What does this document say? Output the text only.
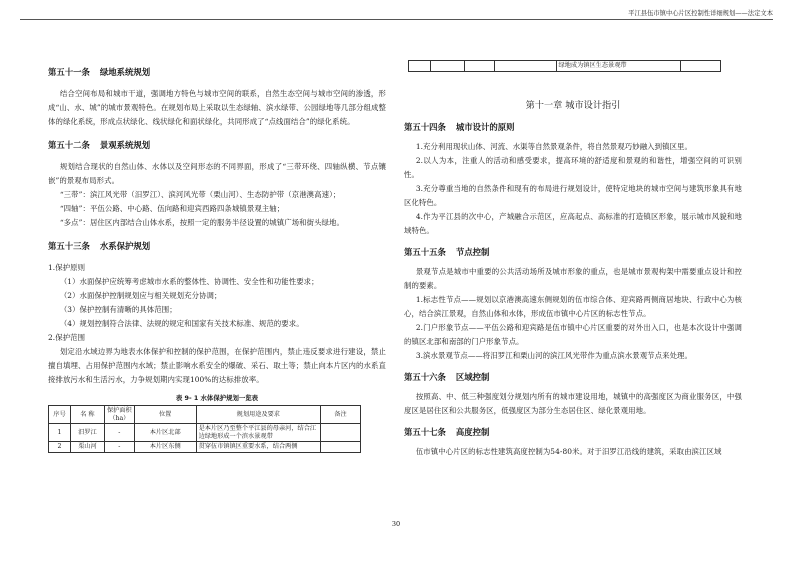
平江县伍市镇中心片区控制性详细规划——法定文本

第五十一条 绿地系统规划

结合空间布局和城市干道，强调地方特色与城市空间的联系，自然生态空间与城市空间的渗透，形成“山、水、城”的城市景观特色。在规划布局上采取以生态绿轴、滨水绿带、公园绿地等几部分组成整体的绿化系统，形成点状绿化、线状绿化和面状绿化，共同形成了“点线面结合”的绿化系统。

第五十二条 景观系统规划

规划结合现状的自然山体、水体以及空间形态的不同界面，形成了“三带环绕、四轴纵横、节点镶嵌”的景观布局形式。

“三带”：滨江风光带（汨罗江）、滨河风光带（栗山河）、生态防护带（京港澳高速）；

“四轴”：平伍公路、中心路、伍向路和迎宾西路四条城镇景观主轴；

“多点”：居住区内部结合山体水系，按照一定的服务半径设置的城镇广场和街头绿地。

第五十三条 水系保护规划

1.保护原则

（1）水面保护应统筹考虑城市水系的整体性、协调性、安全性和功能性要求；

（2）水面保护控制规划应与相关规划充分协调；

（3）保护控制有清晰的具体范围；

（4）规划控制符合法律、法规的规定和国家有关技术标准、规范的要求。

2.保护范围

划定沿水域边界为地表水体保护和控制的保护范围，在保护范围内，禁止违反要求进行建设，禁止擅自填埋、占用保护范围内水域；禁止影响水系安全的爆破、采石、取土等；禁止向本片区内的水系直接排放污水和生活污水，力争规划期内实现100%的达标排放率。

表 9- 1 水体保护规划一览表

序号	名 称	保护面积
（ha）	位置	规划用途及要求	备注
1	汨罗江	-	本片区北部	是本片区乃至整个平江县的母亲河，结合江边绿地形成一个滨水景观带	
2	栗山河	-	本片区东侧	贯穿伍市镇镇区重要水系，结合两侧	
				绿地成为镇区生态景观带	

第十一章 城市设计指引

第五十四条 城市设计的原则

1.充分利用现状山体、河流、水渠等自然景观条件，将自然景观巧妙融入到镇区里。

2.以人为本，注重人的活动和感受要求，提高环境的舒适度和景观的和谐性，增强空间的可识别性。

3.充分尊重当地的自然条件和现有的布局进行规划设计，使特定地块的城市空间与建筑形象具有地区化特色。

4.作为平江县的次中心，产城融合示范区，应高起点、高标准的打造镇区形象，展示城市风貌和地域特色。

第五十五条 节点控制

景观节点是城市中重要的公共活动场所及城市形象的重点，也是城市景观构架中需要重点设计和控制的要素。

1.标志性节点——规划以京港澳高速东侧规划的伍市综合体、迎宾路两侧商居地块、行政中心为核心，结合滨江景观，自然山体和水体，形成伍市镇中心片区的标志性节点。

2.门户形象节点——平伍公路和迎宾路是伍市镇中心片区重要的对外出入口，也是本次设计中强调的镇区北部和南部的门户形象节点。

3.滨水景观节点——将汨罗江和栗山河的滨江风光带作为重点滨水景观节点来处理。

第五十六条 区域控制

按照高、中、低三种强度划分规划内所有的城市建设用地，城镇中的高强度区为商业服务区，中强度区是居住区和公共服务区，低强度区为部分生态居住区、绿化景观用地。

第五十七条 高度控制

伍市镇中心片区的标志性建筑高度控制为54-80米。对于汨罗江沿线的建筑，采取由滨江区域

30
